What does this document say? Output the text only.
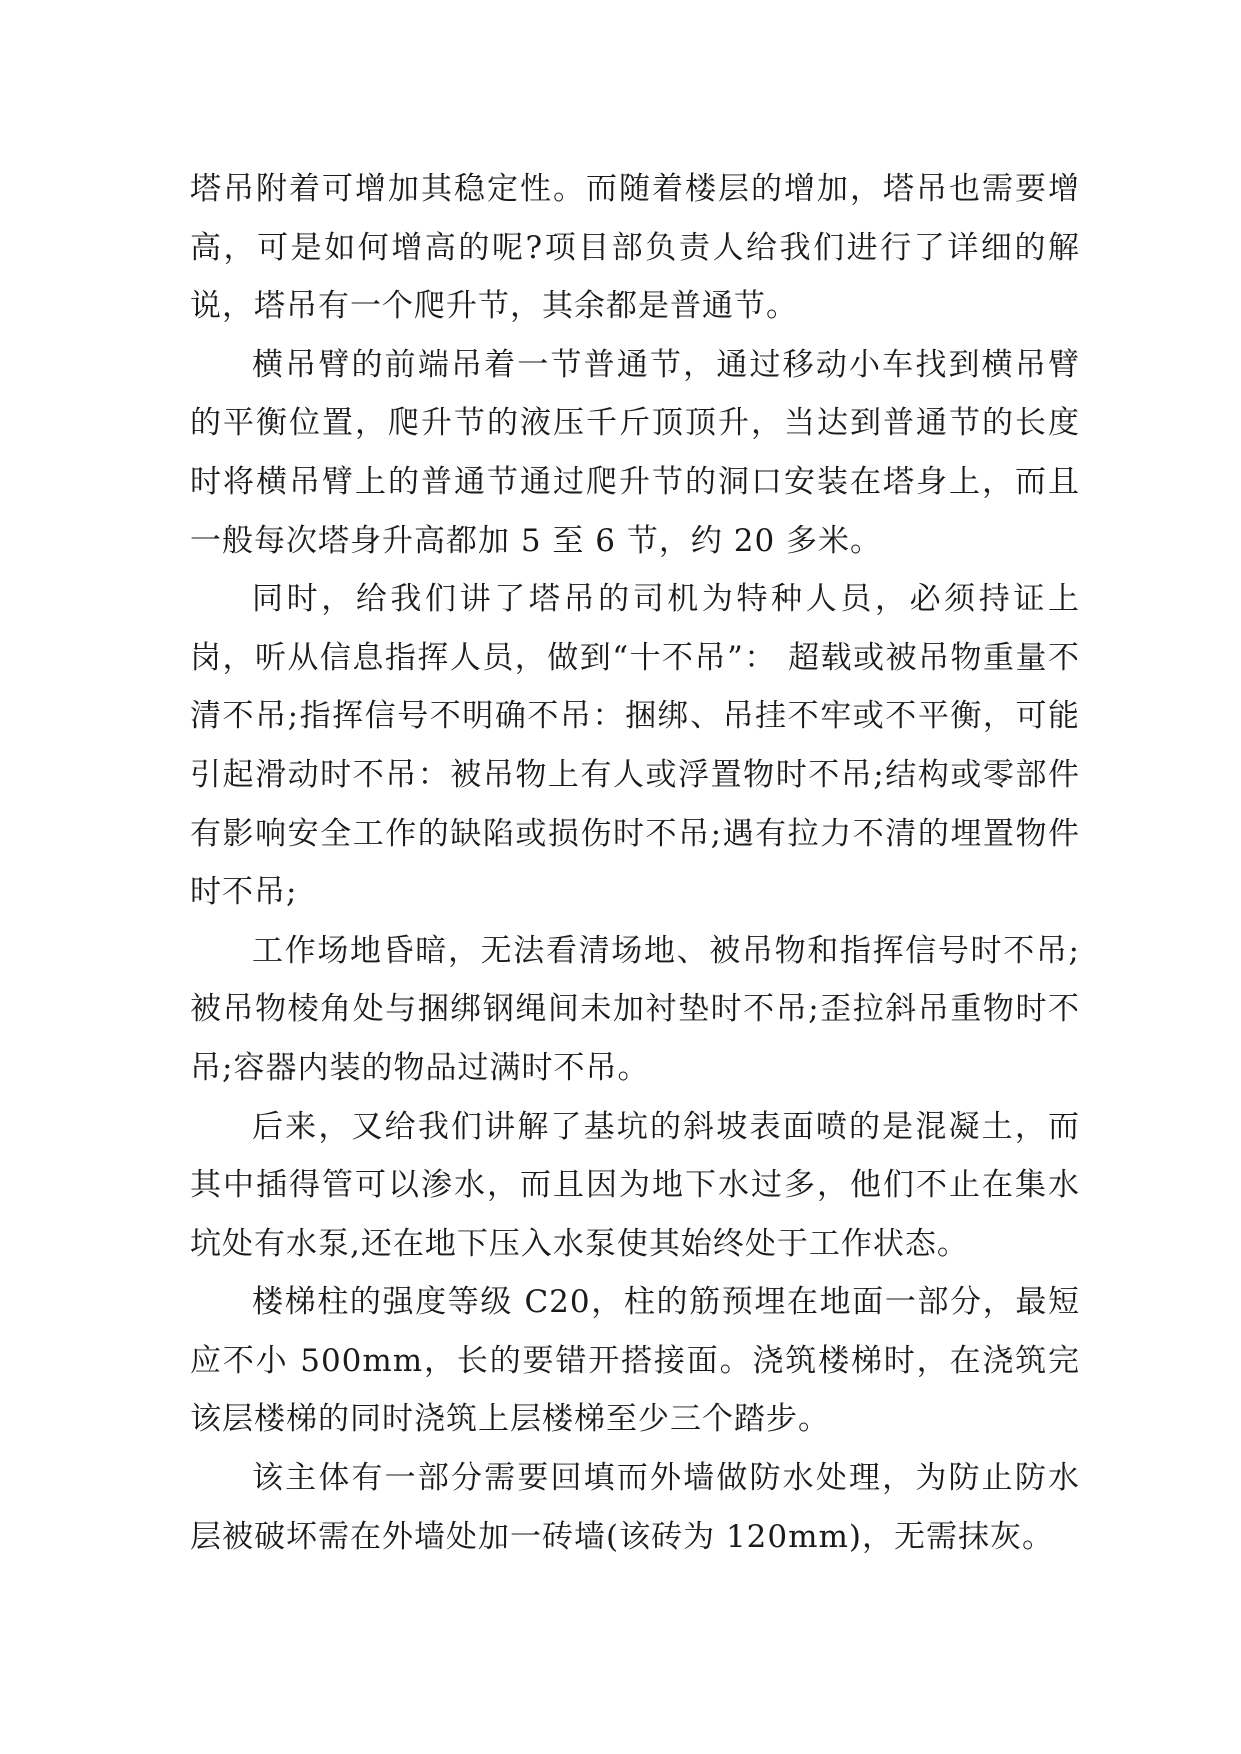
塔吊附着可增加其稳定性。而随着楼层的增加，塔吊也需要增高，可是如何增高的呢?项目部负责人给我们进行了详细的解说，塔吊有一个爬升节，其余都是普通节。

横吊臂的前端吊着一节普通节，通过移动小车找到横吊臂的平衡位置，爬升节的液压千斤顶顶升，当达到普通节的长度时将横吊臂上的普通节通过爬升节的洞口安装在塔身上，而且一般每次塔身升高都加 5 至 6 节，约 20 多米。

同时，给我们讲了塔吊的司机为特种人员，必须持证上岗，听从信息指挥人员，做到“十不吊”： 超载或被吊物重量不清不吊;指挥信号不明确不吊：捆绑、吊挂不牢或不平衡，可能引起滑动时不吊：被吊物上有人或浮置物时不吊;结构或零部件有影响安全工作的缺陷或损伤时不吊;遇有拉力不清的埋置物件时不吊;

工作场地昏暗，无法看清场地、被吊物和指挥信号时不吊;被吊物棱角处与捆绑钢绳间未加衬垫时不吊;歪拉斜吊重物时不吊;容器内装的物品过满时不吊。

后来，又给我们讲解了基坑的斜坡表面喷的是混凝土，而其中插得管可以渗水，而且因为地下水过多，他们不止在集水坑处有水泵,还在地下压入水泵使其始终处于工作状态。

楼梯柱的强度等级 C20，柱的筋预埋在地面一部分，最短应不小 500mm，长的要错开搭接面。浇筑楼梯时，在浇筑完该层楼梯的同时浇筑上层楼梯至少三个踏步。

该主体有一部分需要回填而外墙做防水处理，为防止防水层被破坏需在外墙处加一砖墙(该砖为 120mm)，无需抹灰。
